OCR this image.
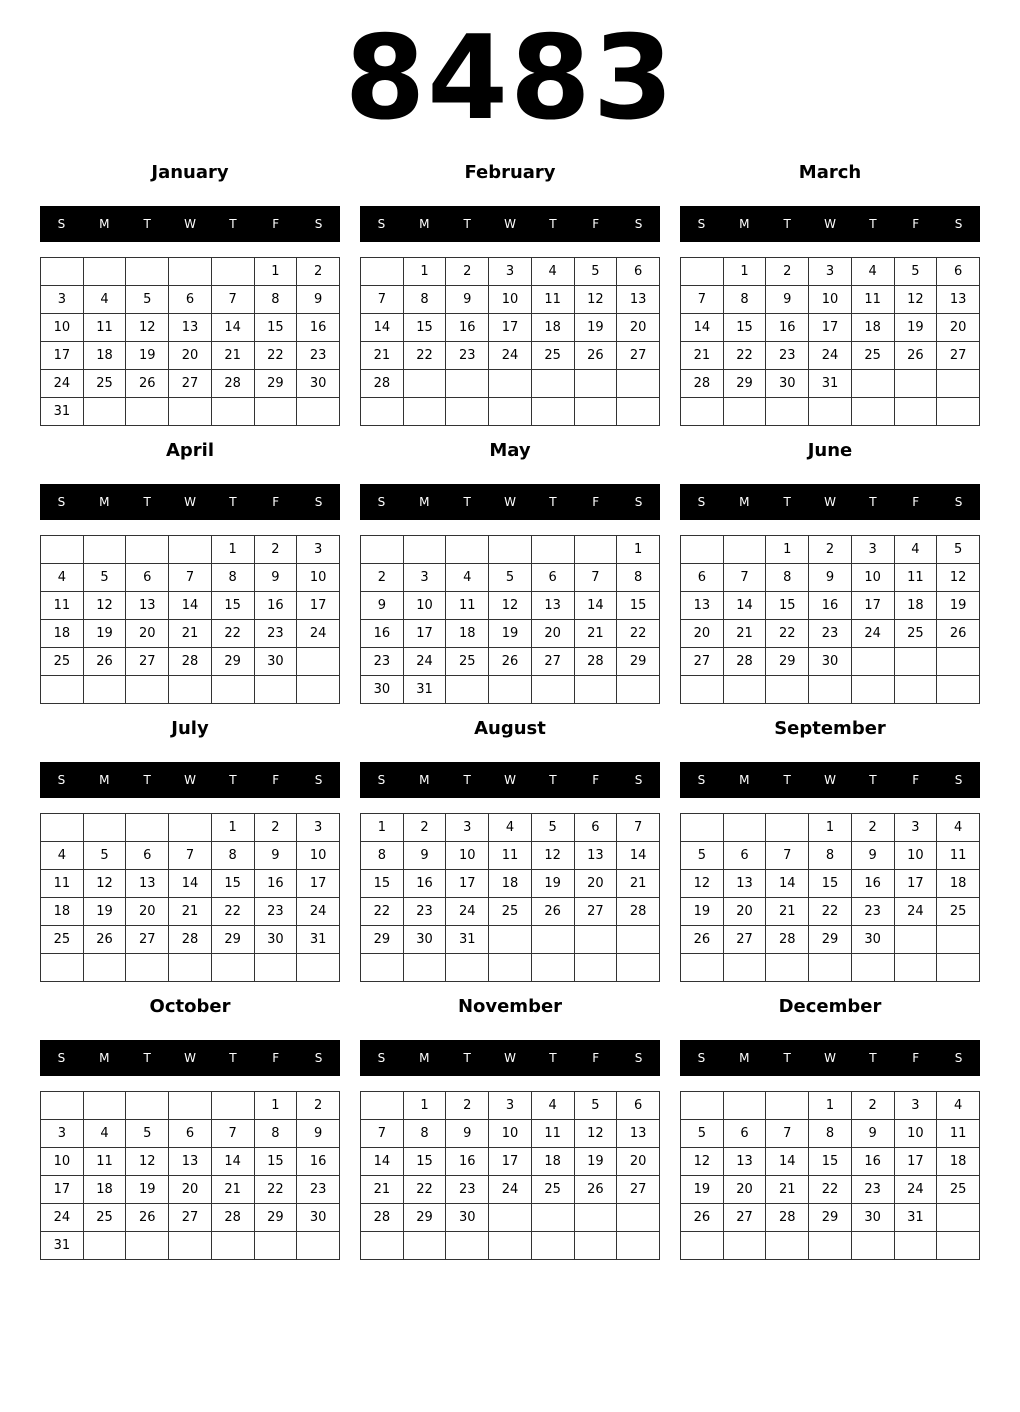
8483
January
S	M	T	W	T	F	S
					1	2
3	4	5	6	7	8	9
10	11	12	13	14	15	16
17	18	19	20	21	22	23
24	25	26	27	28	29	30
31						
February
S	M	T	W	T	F	S
	1	2	3	4	5	6
7	8	9	10	11	12	13
14	15	16	17	18	19	20
21	22	23	24	25	26	27
28						

March
S	M	T	W	T	F	S
	1	2	3	4	5	6
7	8	9	10	11	12	13
14	15	16	17	18	19	20
21	22	23	24	25	26	27
28	29	30	31			

April
S	M	T	W	T	F	S
				1	2	3
4	5	6	7	8	9	10
11	12	13	14	15	16	17
18	19	20	21	22	23	24
25	26	27	28	29	30	

May
S	M	T	W	T	F	S
						1
2	3	4	5	6	7	8
9	10	11	12	13	14	15
16	17	18	19	20	21	22
23	24	25	26	27	28	29
30	31					
June
S	M	T	W	T	F	S
		1	2	3	4	5
6	7	8	9	10	11	12
13	14	15	16	17	18	19
20	21	22	23	24	25	26
27	28	29	30			

July
S	M	T	W	T	F	S
				1	2	3
4	5	6	7	8	9	10
11	12	13	14	15	16	17
18	19	20	21	22	23	24
25	26	27	28	29	30	31

August
S	M	T	W	T	F	S
1	2	3	4	5	6	7
8	9	10	11	12	13	14
15	16	17	18	19	20	21
22	23	24	25	26	27	28
29	30	31				

September
S	M	T	W	T	F	S
			1	2	3	4
5	6	7	8	9	10	11
12	13	14	15	16	17	18
19	20	21	22	23	24	25
26	27	28	29	30		

October
S	M	T	W	T	F	S
					1	2
3	4	5	6	7	8	9
10	11	12	13	14	15	16
17	18	19	20	21	22	23
24	25	26	27	28	29	30
31						
November
S	M	T	W	T	F	S
	1	2	3	4	5	6
7	8	9	10	11	12	13
14	15	16	17	18	19	20
21	22	23	24	25	26	27
28	29	30				

December
S	M	T	W	T	F	S
			1	2	3	4
5	6	7	8	9	10	11
12	13	14	15	16	17	18
19	20	21	22	23	24	25
26	27	28	29	30	31	
